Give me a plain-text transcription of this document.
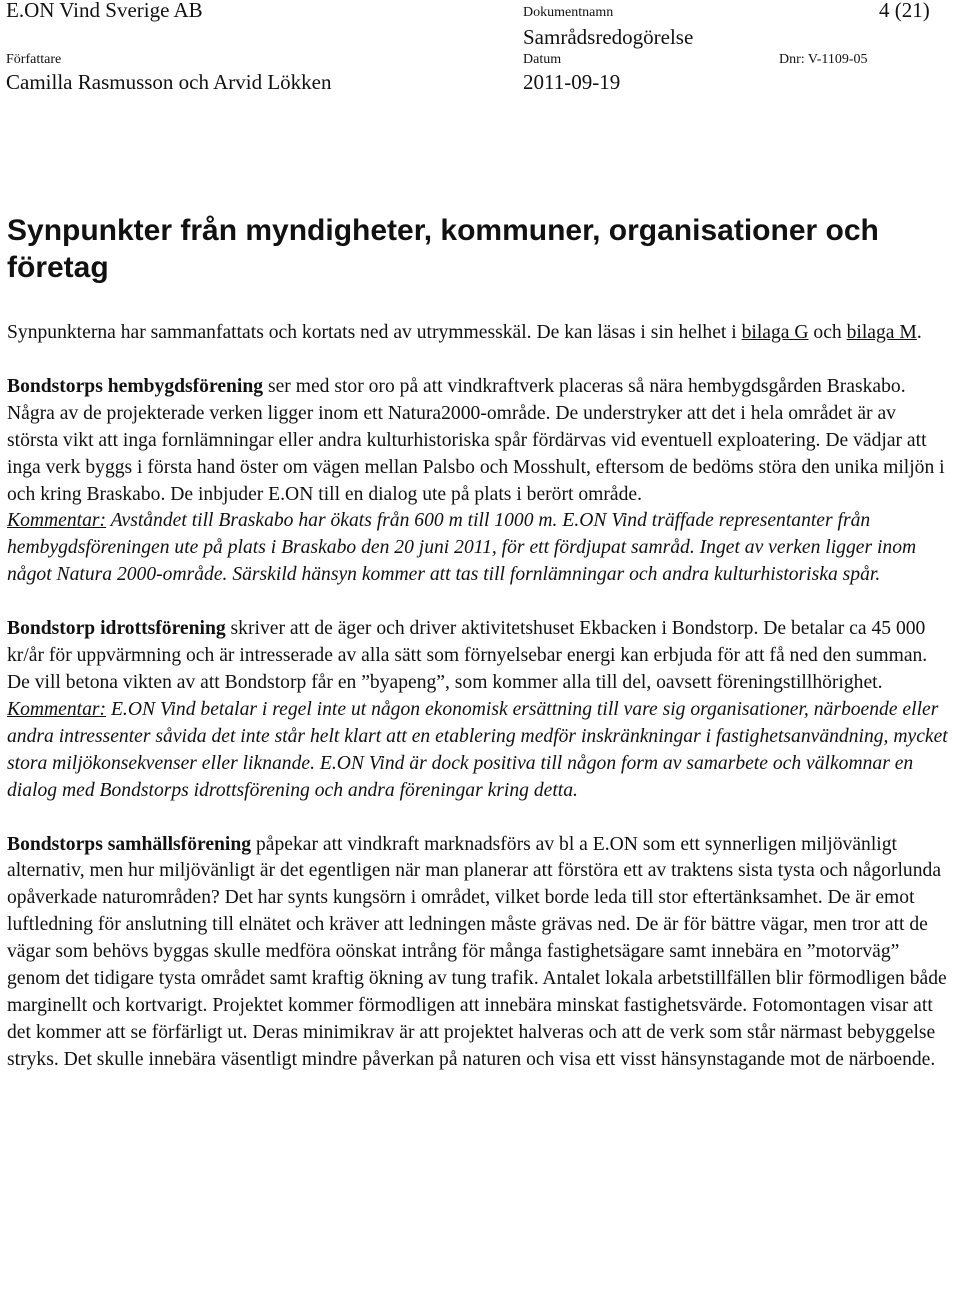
E.ON Vind Sverige AB	Dokumentnamn	4 (21)
Samrådsredogörelse
Författare	Datum	Dnr: V-1109-05
Camilla Rasmusson och Arvid Lökken	2011-09-19
Synpunkter från myndigheter, kommuner, organisationer och företag

Synpunkterna har sammanfattats och kortats ned av utrymmesskäl. De kan läsas i sin helhet i bilaga G och bilaga M.

Bondstorps hembygdsförening ser med stor oro på att vindkraftverk placeras så nära hembygdsgården Braskabo. Några av de projekterade verken ligger inom ett Natura2000-område. De understryker att det i hela området är av största vikt att inga fornlämningar eller andra kulturhistoriska spår fördärvas vid eventuell exploatering. De vädjar att inga verk byggs i första hand öster om vägen mellan Palsbo och Mosshult, eftersom de bedöms störa den unika miljön i och kring Braskabo. De inbjuder E.ON till en dialog ute på plats i berört område.

Kommentar: Avståndet till Braskabo har ökats från 600 m till 1000 m. E.ON Vind träffade representanter från hembygdsföreningen ute på plats i Braskabo den 20 juni 2011, för ett fördjupat samråd. Inget av verken ligger inom något Natura 2000-område. Särskild hänsyn kommer att tas till fornlämningar och andra kulturhistoriska spår.

Bondstorp idrottsförening skriver att de äger och driver aktivitetshuset Ekbacken i Bondstorp. De betalar ca 45 000 kr/år för uppvärmning och är intresserade av alla sätt som förnyelsebar energi kan erbjuda för att få ned den summan. De vill betona vikten av att Bondstorp får en ”byapeng”, som kommer alla till del, oavsett föreningstillhörighet.

Kommentar: E.ON Vind betalar i regel inte ut någon ekonomisk ersättning till vare sig organisationer, närboende eller andra intressenter såvida det inte står helt klart att en etablering medför inskränkningar i fastighetsanvändning, mycket stora miljökonsekvenser eller liknande. E.ON Vind är dock positiva till någon form av samarbete och välkomnar en dialog med Bondstorps idrottsförening och andra föreningar kring detta.

Bondstorps samhällsförening påpekar att vindkraft marknadsförs av bl a E.ON som ett synnerligen miljövänligt alternativ, men hur miljövänligt är det egentligen när man planerar att förstöra ett av traktens sista tysta och någorlunda opåverkade naturområden? Det har synts kungsörn i området, vilket borde leda till stor eftertänksamhet. De är emot luftledning för anslutning till elnätet och kräver att ledningen måste grävas ned. De är för bättre vägar, men tror att de vägar som behövs byggas skulle medföra oönskat intrång för många fastighetsägare samt innebära en ”motorväg” genom det tidigare tysta området samt kraftig ökning av tung trafik. Antalet lokala arbetstillfällen blir förmodligen både marginellt och kortvarigt. Projektet kommer förmodligen att innebära minskat fastighetsvärde. Fotomontagen visar att det kommer att se förfärligt ut. Deras minimikrav är att projektet halveras och att de verk som står närmast bebyggelse stryks. Det skulle innebära väsentligt mindre påverkan på naturen och visa ett visst hänsynstagande mot de närboende.
